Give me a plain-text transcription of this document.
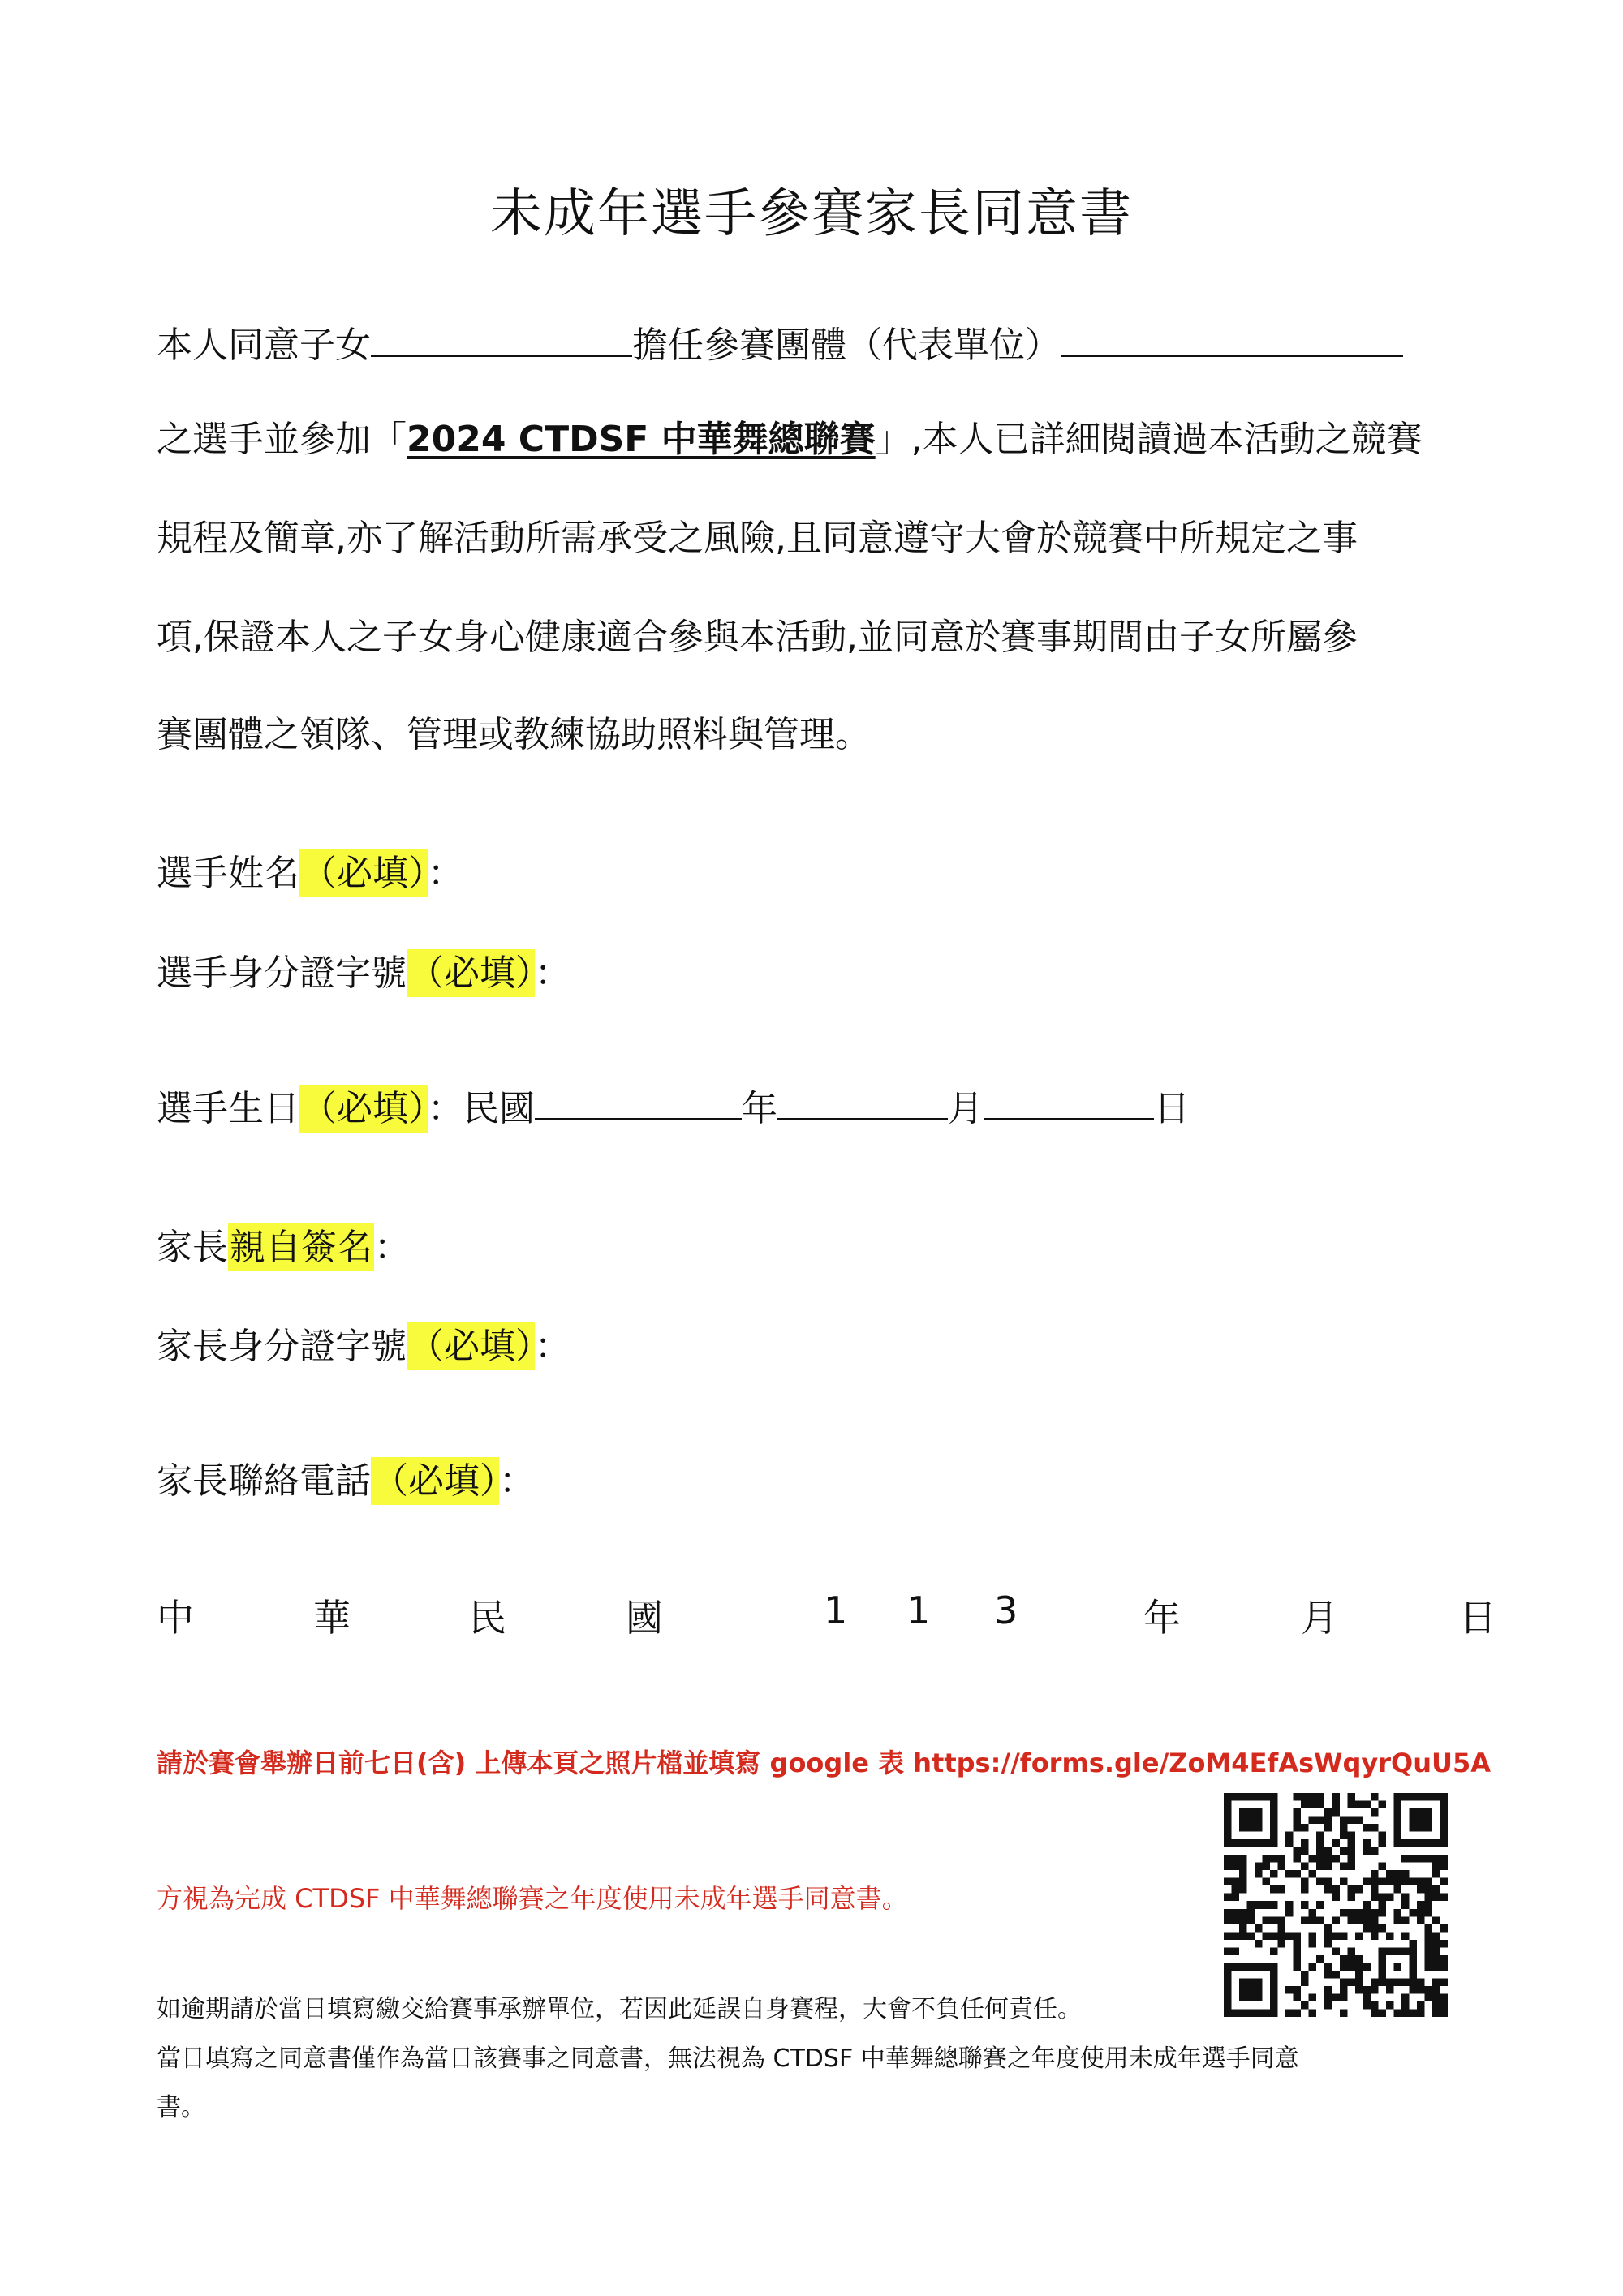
未成年選手參賽家長同意書
本人同意子女	擔任參賽團體（代表單位）
之選手並參加「2024 CTDSF 中華舞總聯賽」,本人已詳細閱讀過本活動之競賽
規程及簡章,亦了解活動所需承受之風險,且同意遵守大會於競賽中所規定之事
項,保證本人之子女身心健康適合參與本活動,並同意於賽事期間由子女所屬參
賽團體之領隊、管理或教練協助照料與管理。
選手姓名（必填）：
選手身分證字號（必填）：
選手生日（必填）：民國	年	月	日
家長親自簽名：
家長身分證字號（必填）：
家長聯絡電話（必填）：
中	華	民	國	1 1 3	年	月	日
請於賽會舉辦日前七日(含) 上傳本頁之照片檔並填寫 google 表 https://forms.gle/ZoM4EfAsWqyrQuU5A
方視為完成 CTDSF 中華舞總聯賽之年度使用未成年選手同意書。
如逾期請於當日填寫繳交給賽事承辦單位，若因此延誤自身賽程，大會不負任何責任。
當日填寫之同意書僅作為當日該賽事之同意書，無法視為 CTDSF 中華舞總聯賽之年度使用未成年選手同意
書。
